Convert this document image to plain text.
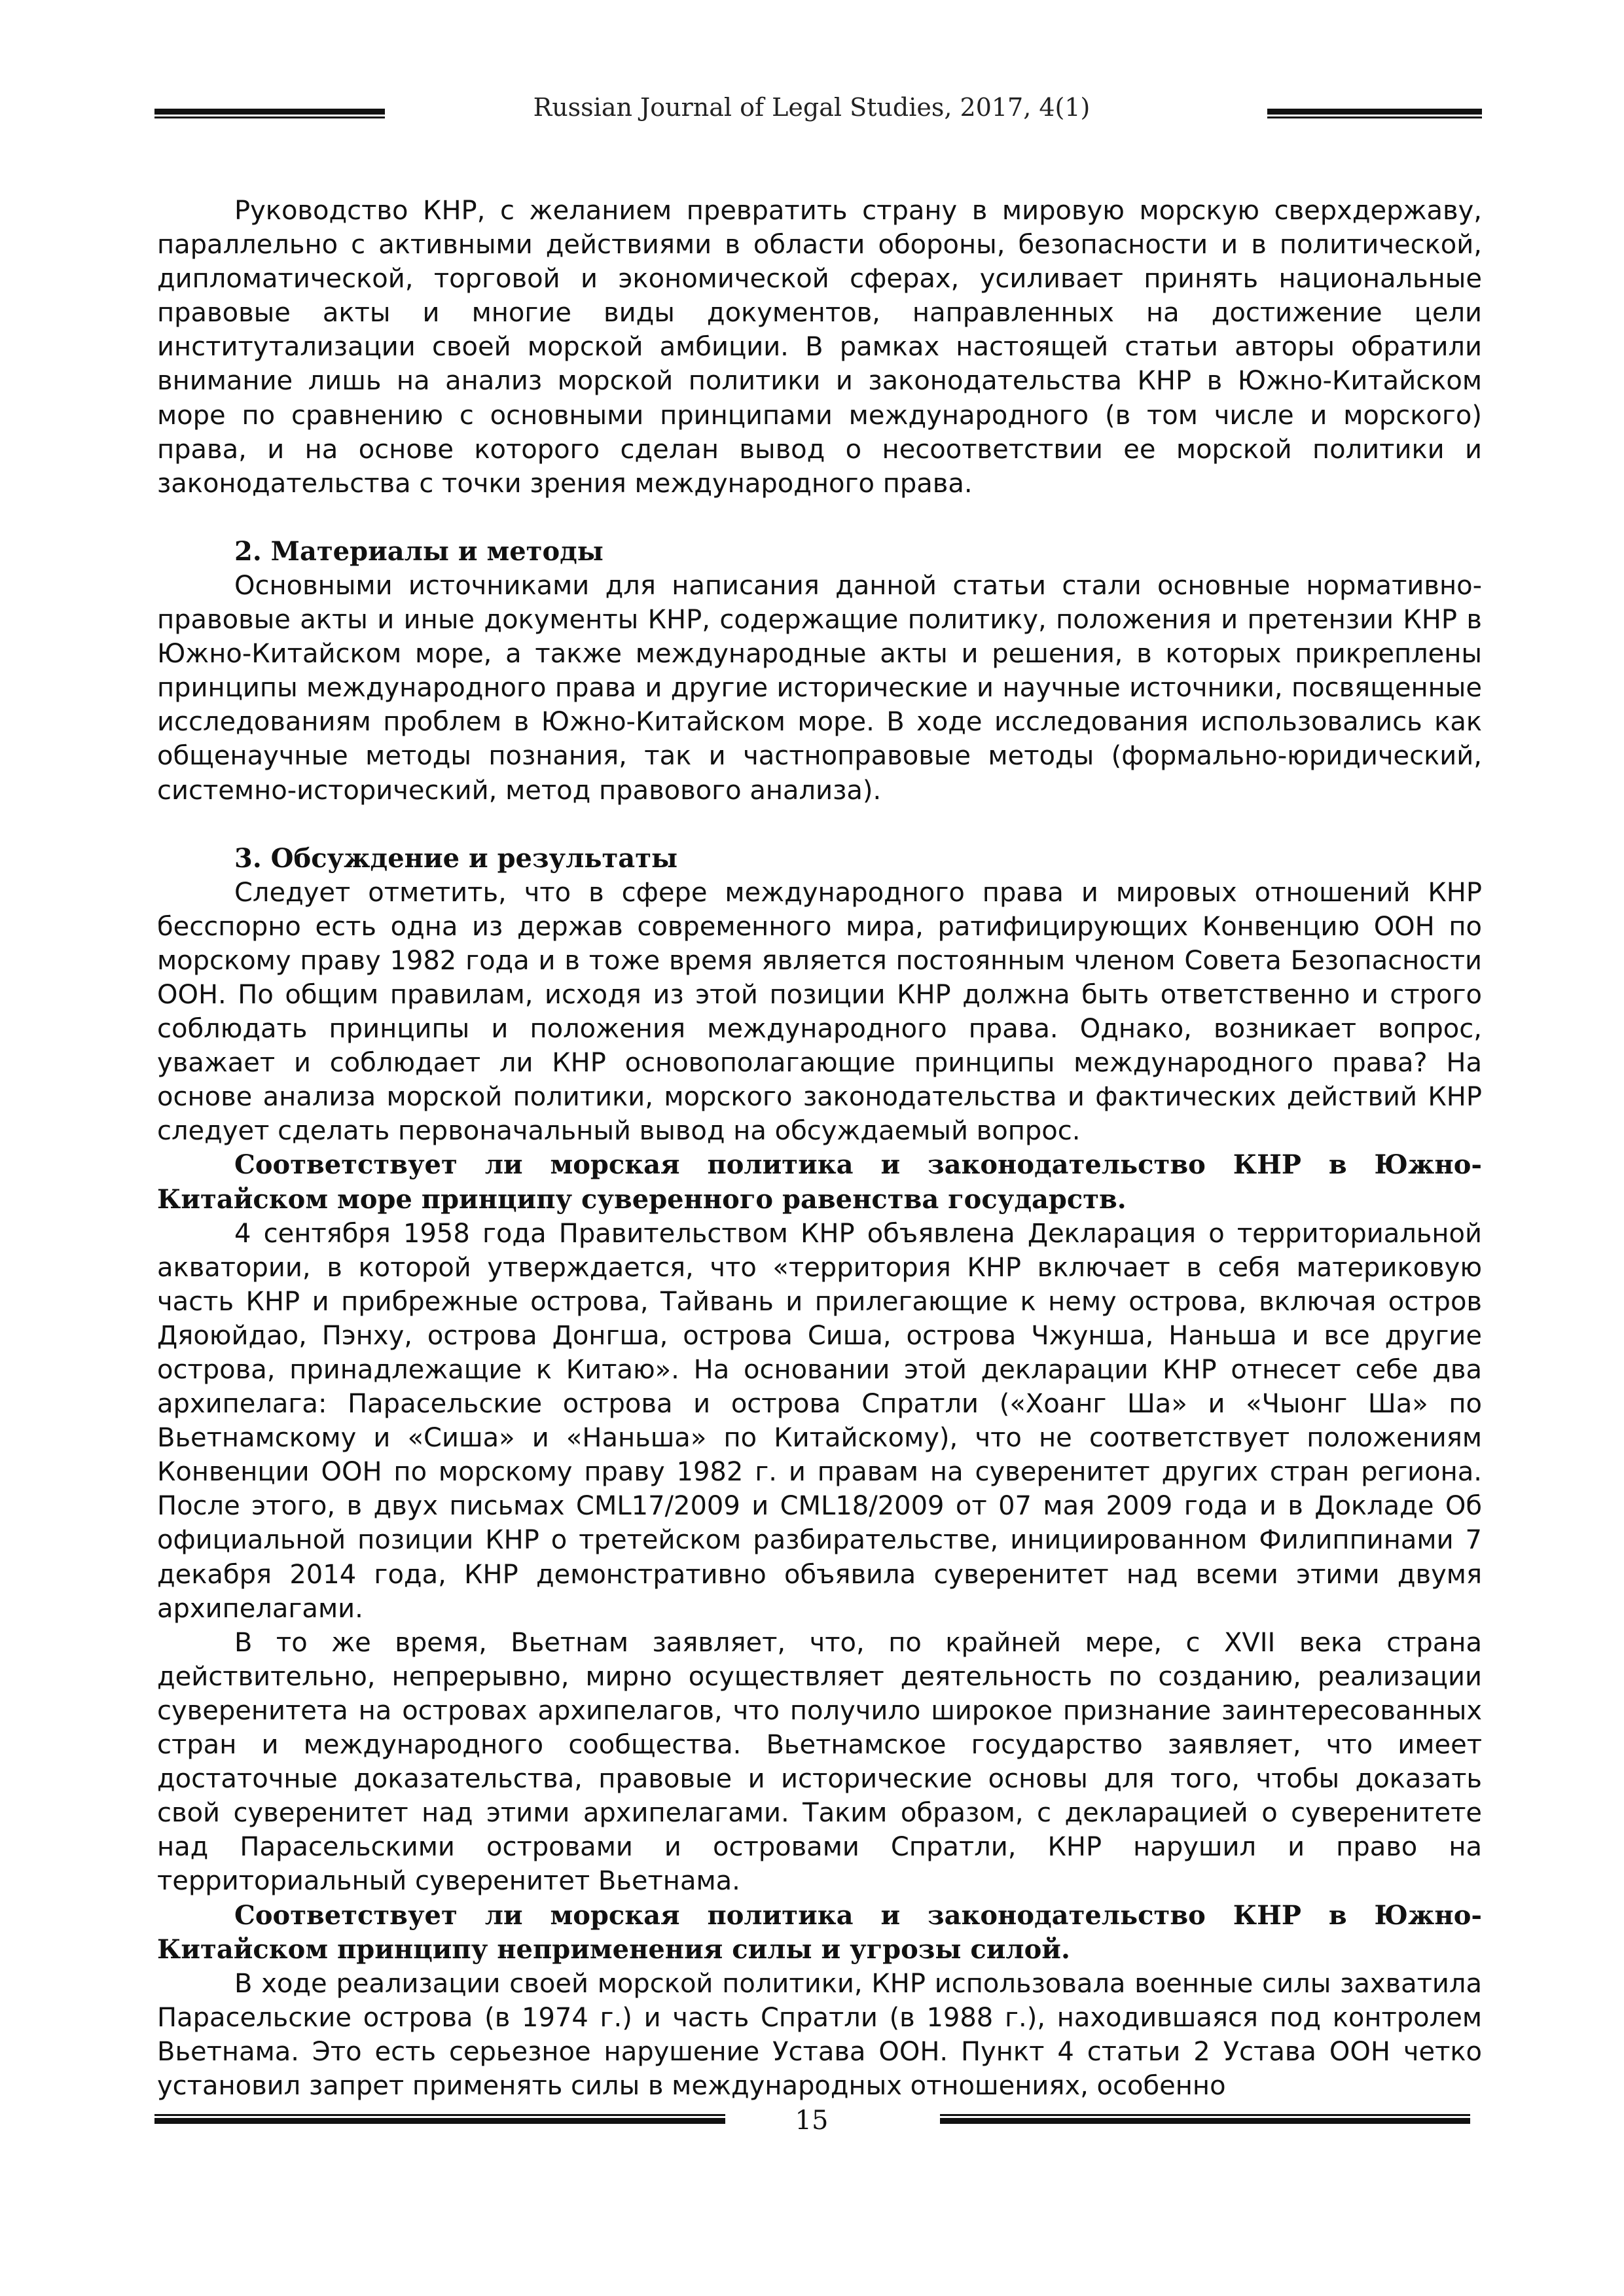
Russian Journal of Legal Studies, 2017, 4(1)

Руководство КНР, с желанием превратить страну в мировую морскую сверхдержаву, параллельно с активными действиями в области обороны, безопасности и в политической, дипломатической, торговой и экономической сферах, усиливает принять национальные правовые акты и многие виды документов, направленных на достижение цели институтализации своей морской амбиции. В рамках настоящей статьи авторы обратили внимание лишь на анализ морской политики и законодательства КНР в Южно-Китайском море по сравнению с основными принципами международного (в том числе и морского) права, и на основе которого сделан вывод о несоответствии ее морской политики и законодательства с точки зрения международного права.

2. Материалы и методы

Основными источниками для написания данной статьи стали основные нормативно-правовые акты и иные документы КНР, содержащие политику, положения и претензии КНР в Южно-Китайском море, а также международные акты и решения, в которых прикреплены принципы международного права и другие исторические и научные источники, посвященные исследованиям проблем в Южно-Китайском море. В ходе исследования использовались как общенаучные методы познания, так и частноправовые методы (формально-юридический, системно-исторический, метод правового анализа).

3. Обсуждение и результаты

Следует отметить, что в сфере международного права и мировых отношений КНР бесспорно есть одна из держав современного мира, ратифицирующих Конвенцию ООН по морскому праву 1982 года и в тоже время является постоянным членом Совета Безопасности ООН. По общим правилам, исходя из этой позиции КНР должна быть ответственно и строго соблюдать принципы и положения международного права. Однако, возникает вопрос, уважает и соблюдает ли КНР основополагающие принципы международного права? На основе анализа морской политики, морского законодательства и фактических действий КНР следует сделать первоначальный вывод на обсуждаемый вопрос.

Соответствует ли морская политика и законодательство КНР в Южно-Китайском море принципу суверенного равенства государств.

4 сентября 1958 года Правительством КНР объявлена Декларация о территориальной акватории, в которой утверждается, что «территория КНР включает в себя материковую часть КНР и прибрежные острова, Тайвань и прилегающие к нему острова, включая остров Дяоюйдао, Пэнху, острова Донгша, острова Сиша, острова Чжунша, Наньша и все другие острова, принадлежащие к Китаю». На основании этой декларации КНР отнесет себе два архипелага: Парасельские острова и острова Спратли («Хоанг Ша» и «Чыонг Ша» по Вьетнамскому и «Сиша» и «Наньша» по Китайскому), что не соответствует положениям Конвенции ООН по морскому праву 1982 г. и правам на суверенитет других стран региона. После этого, в двух письмах CML17/2009 и CML18/2009 от 07 мая 2009 года и в Докладе Об официальной позиции КНР о третейском разбирательстве, инициированном Филиппинами 7 декабря 2014 года, КНР демонстративно объявила суверенитет над всеми этими двумя архипелагами.

В то же время, Вьетнам заявляет, что, по крайней мере, с XVII века страна действительно, непрерывно, мирно осуществляет деятельность по созданию, реализации суверенитета на островах архипелагов, что получило широкое признание заинтересованных стран и международного сообщества. Вьетнамское государство заявляет, что имеет достаточные доказательства, правовые и исторические основы для того, чтобы доказать свой суверенитет над этими архипелагами. Таким образом, с декларацией о суверенитете над Парасельскими островами и островами Спратли, КНР нарушил и право на территориальный суверенитет Вьетнама.

Соответствует ли морская политика и законодательство КНР в Южно-Китайском принципу неприменения силы и угрозы силой.

В ходе реализации своей морской политики, КНР использовала военные силы захватила Парасельские острова (в 1974 г.) и часть Спратли (в 1988 г.), находившаяся под контролем Вьетнама. Это есть серьезное нарушение Устава ООН. Пункт 4 статьи 2 Устава ООН четко установил запрет применять силы в международных отношениях, особенно

15
